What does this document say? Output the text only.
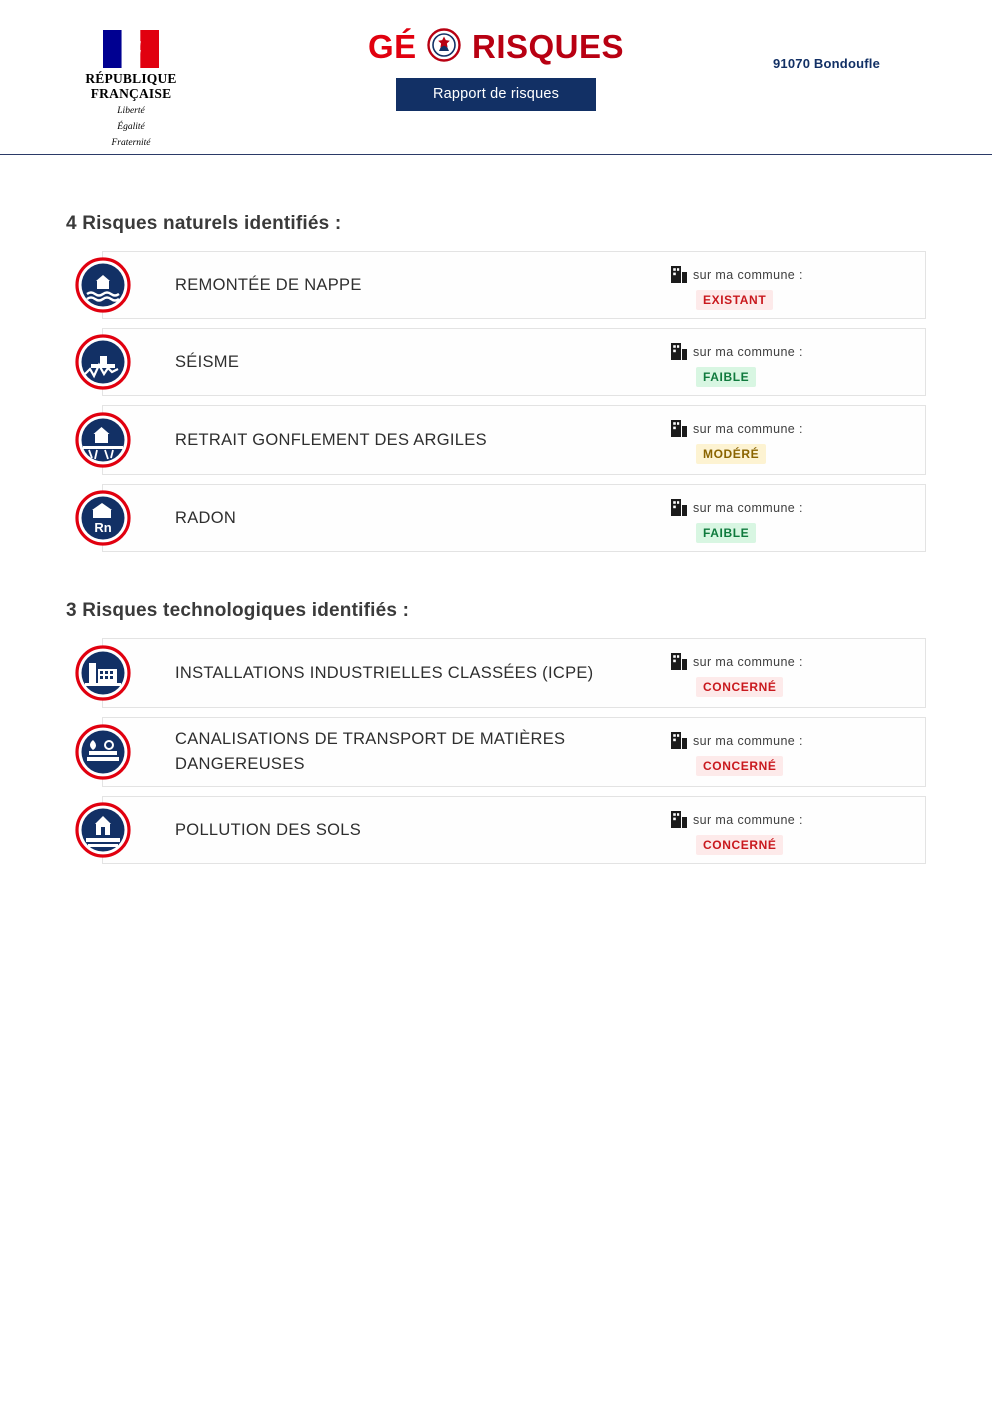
RÉPUBLIQUE
FRANÇAISE
Liberté
Égalité
Fraternité
GÉ RISQUES
Rapport de risques
91070 Bondoufle
4 Risques naturels identifiés :
REMONTÉE DE NAPPE
sur ma commune :
EXISTANT
SÉISME
sur ma commune :
FAIBLE
RETRAIT GONFLEMENT DES ARGILES
sur ma commune :
MODÉRÉ
Rn
RADON
sur ma commune :
FAIBLE
3 Risques technologiques identifiés :
INSTALLATIONS INDUSTRIELLES CLASSÉES (ICPE)
sur ma commune :
CONCERNÉ
CANALISATIONS DE TRANSPORT DE MATIÈRES DANGEREUSES
sur ma commune :
CONCERNÉ
POLLUTION DES SOLS
sur ma commune :
CONCERNÉ
